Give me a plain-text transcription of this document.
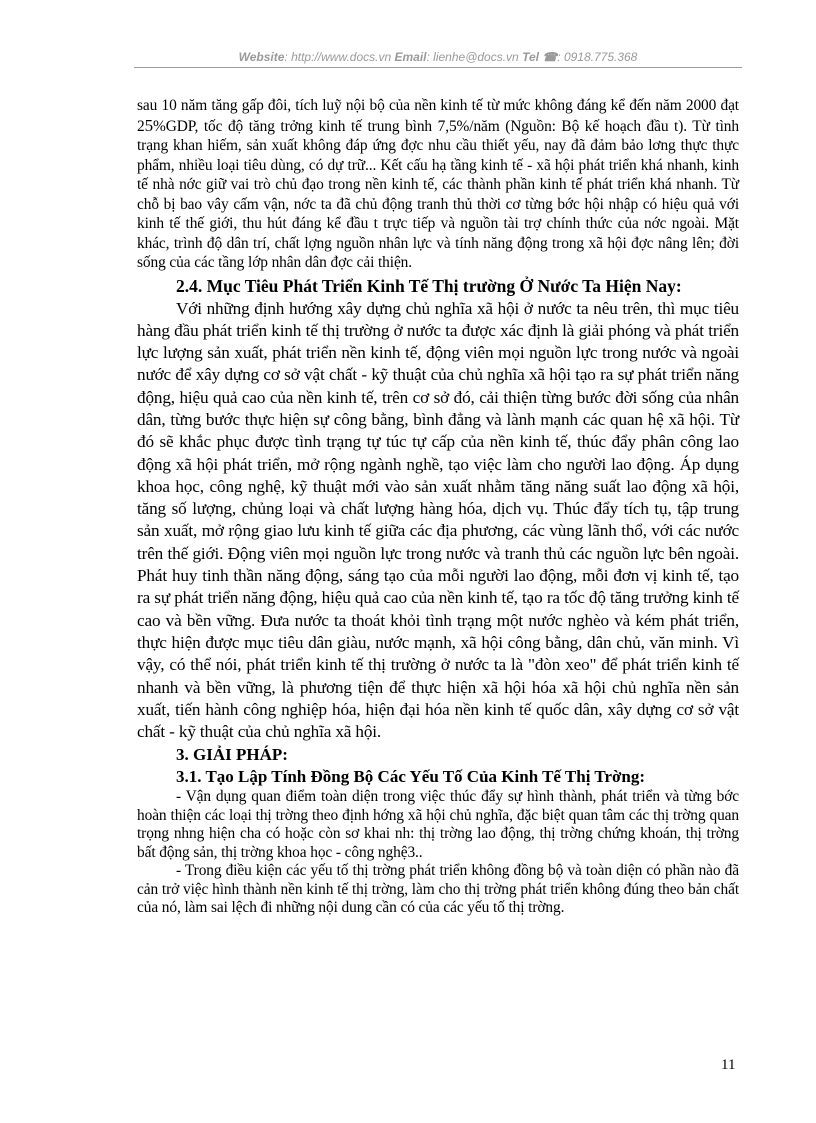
Website: http://www.docs.vn Email: lienhe@docs.vn Tel ☎: 0918.775.368

sau 10 năm tăng gấp đôi, tích luỹ nội bộ của nền kinh tế từ mức không đáng kể đến năm 2000 đạt 25%GDP, tốc độ tăng trởng kinh tế trung bình 7,5%/năm (Nguồn: Bộ kế hoạch đầu t). Từ tình trạng khan hiếm, sản xuất không đáp ứng đợc nhu cầu thiết yếu, nay đã đảm bảo lơng thực thực phẩm, nhiều loại tiêu dùng, có dự trữ... Kết cấu hạ tầng kinh tế - xã hội phát triển khá nhanh, kinh tế nhà nớc giữ vai trò chủ đạo trong nền kinh tế, các thành phần kinh tế phát triển khá nhanh. Từ chỗ bị bao vây cấm vận, nớc ta đã chủ động tranh thủ thời cơ từng bớc hội nhập có hiệu quả với kinh tế thế giới, thu hút đáng kể đầu t trực tiếp và nguồn tài trợ chính thức của nớc ngoài. Mặt khác, trình độ dân trí, chất lợng nguồn nhân lực và tính năng động trong xã hội đợc nâng lên; đời sống của các tầng lớp nhân dân đợc cải thiện.

2.4. Mục Tiêu Phát Triển Kinh Tế Thị trường Ở Nước Ta Hiện Nay:

Với những định hướng xây dựng chủ nghĩa xã hội ở nước ta nêu trên, thì mục tiêu hàng đầu phát triển kinh tế thị trường ở nước ta được xác định là giải phóng và phát triển lực lượng sản xuất, phát triển nền kinh tế, động viên mọi nguồn lực trong nước và ngoài nước để xây dựng cơ sở vật chất - kỹ thuật của chủ nghĩa xã hội tạo ra sự phát triển năng động, hiệu quả cao của nền kinh tế, trên cơ sở đó, cải thiện từng bước đời sống của nhân dân, từng bước thực hiện sự công bằng, bình đẳng và lành mạnh các quan hệ xã hội. Từ đó sẽ khắc phục được tình trạng tự túc tự cấp của nền kinh tế, thúc đẩy phân công lao động xã hội phát triển, mở rộng ngành nghề, tạo việc làm cho người lao động. Áp dụng khoa học, công nghệ, kỹ thuật mới vào sản xuất nhằm tăng năng suất lao động xã hội, tăng số lượng, chủng loại và chất lượng hàng hóa, dịch vụ. Thúc đẩy tích tụ, tập trung sản xuất, mở rộng giao lưu kinh tế giữa các địa phương, các vùng lãnh thổ, với các nước trên thế giới. Động viên mọi nguồn lực trong nước và tranh thủ các nguồn lực bên ngoài. Phát huy tinh thần năng động, sáng tạo của mỗi người lao động, mỗi đơn vị kinh tế, tạo ra sự phát triển năng động, hiệu quả cao của nền kinh tế, tạo ra tốc độ tăng trưởng kinh tế cao và bền vững. Đưa nước ta thoát khỏi tình trạng một nước nghèo và kém phát triển, thực hiện được mục tiêu dân giàu, nước mạnh, xã hội công bằng, dân chủ, văn minh. Vì vậy, có thể nói, phát triển kinh tế thị trường ở nước ta là "đòn xeo" để phát triển kinh tế nhanh và bền vững, là phương tiện để thực hiện xã hội hóa xã hội chủ nghĩa nền sản xuất, tiến hành công nghiệp hóa, hiện đại hóa nền kinh tế quốc dân, xây dựng cơ sở vật chất - kỹ thuật của chủ nghĩa xã hội.

3. GIẢI PHÁP:

3.1. Tạo Lập Tính Đồng Bộ Các Yếu Tố Của Kinh Tế Thị Trờng:

- Vận dụng quan điểm toàn diện trong việc thúc đẩy sự hình thành, phát triển và từng bớc hoàn thiện các loại thị trờng theo định hớng xã hội chủ nghĩa, đặc biệt quan tâm các thị trờng quan trọng nhng hiện cha có hoặc còn sơ khai nh: thị trờng lao động, thị trờng chứng khoán, thị trờng bất động sản, thị trờng khoa học - công nghệ3..

- Trong điều kiện các yếu tố thị trờng phát triển không đồng bộ và toàn diện có phần nào đã cản trở việc hình thành nền kinh tế thị trờng, làm cho thị trờng phát triển không đúng theo bản chất của nó, làm sai lệch đi những nội dung cần có của các yếu tố thị trờng.

11
